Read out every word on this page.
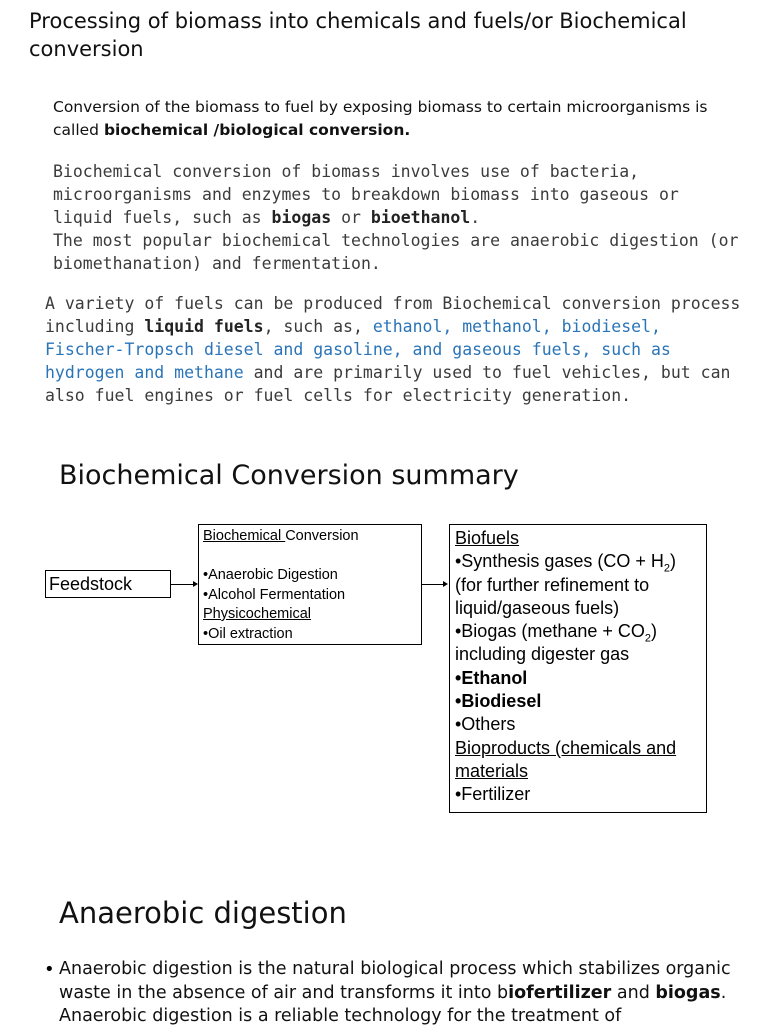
Processing of biomass into chemicals and fuels/or Biochemical conversion
Conversion of the biomass to fuel by exposing biomass to certain microorganisms is called biochemical /biological conversion.
Biochemical conversion of biomass involves use of bacteria, microorganisms and enzymes to breakdown biomass into gaseous or liquid fuels, such as biogas or bioethanol.
The most popular biochemical technologies are anaerobic digestion (or biomethanation) and fermentation.
A variety of fuels can be produced from Biochemical conversion process including liquid fuels, such as, ethanol, methanol, biodiesel, Fischer-Tropsch diesel and gasoline, and gaseous fuels, such as hydrogen and methane and are primarily used to fuel vehicles, but can also fuel engines or fuel cells for electricity generation.
Biochemical Conversion summary
Feedstock
Biochemical Conversion
•Anaerobic Digestion
•Alcohol Fermentation
Physicochemical
•Oil extraction
Biofuels
•Synthesis gases $(CO + H_2)$
(for further refinement to liquid/gaseous fuels)
•Biogas (methane + $CO_2$)
including digester gas
•Ethanol
•Biodiesel
•Others
Bioproducts (chemicals and materials
•Fertilizer
Anaerobic digestion
• Anaerobic digestion is the natural biological process which stabilizes organic waste in the absence of air and transforms it into biofertilizer and biogas. Anaerobic digestion is a reliable technology for the treatment of
